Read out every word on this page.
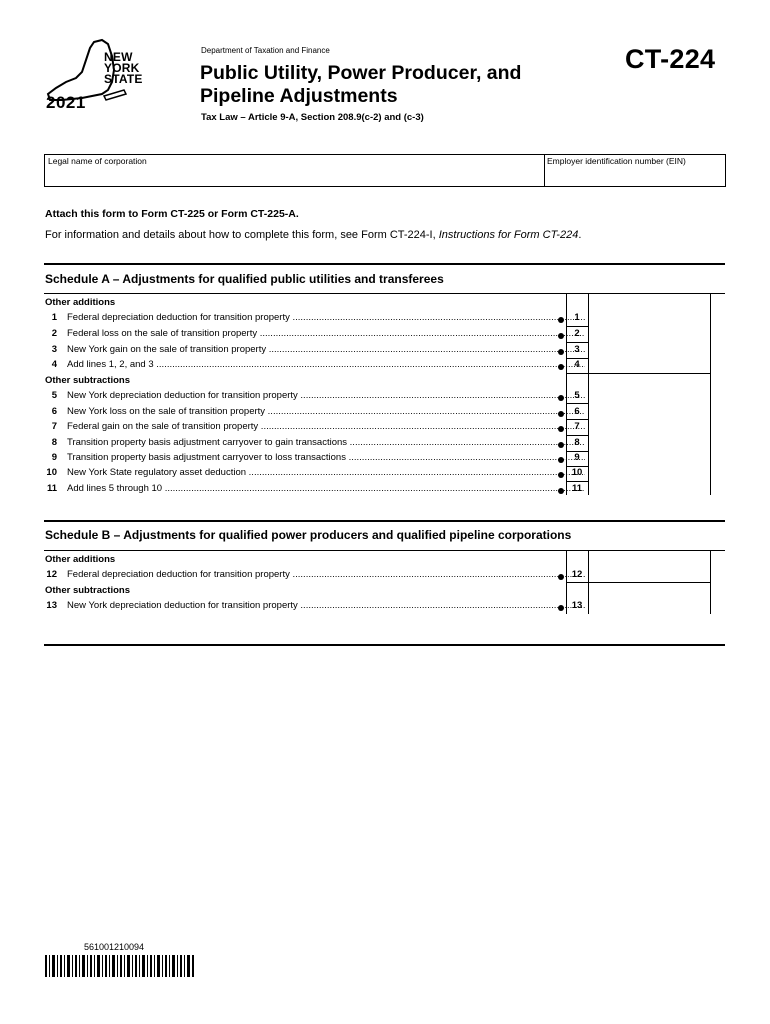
NEW
YORK
STATE
2021
Department of Taxation and Finance
Public Utility, Power Producer, and
Pipeline Adjustments
Tax Law – Article 9-A, Section 208.9(c-2) and (c-3)
CT-224
Legal name of corporation	Employer identification number (EIN)
Attach this form to Form CT-225 or Form CT-225-A.
For information and details about how to complete this form, see Form CT-224-I, Instructions for Form CT-224.
Schedule A – Adjustments for qualified public utilities and transferees
Other additions
1 Federal depreciation deduction for transition property .....	1
2 Federal loss on the sale of transition property .....	2
3 New York gain on the sale of transition property .....	3
4 Add lines 1, 2, and 3 .....	4
Other subtractions
5 New York depreciation deduction for transition property .....	5
6 New York loss on the sale of transition property .....	6
7 Federal gain on the sale of transition property .....	7
8 Transition property basis adjustment carryover to gain transactions .....	8
9 Transition property basis adjustment carryover to loss transactions .....	9
10 New York State regulatory asset deduction .....	10
11 Add lines 5 through 10 .....	11
Schedule B – Adjustments for qualified power producers and qualified pipeline corporations
Other additions
12 Federal depreciation deduction for transition property .....	12
Other subtractions
13 New York depreciation deduction for transition property .....	13
561001210094
